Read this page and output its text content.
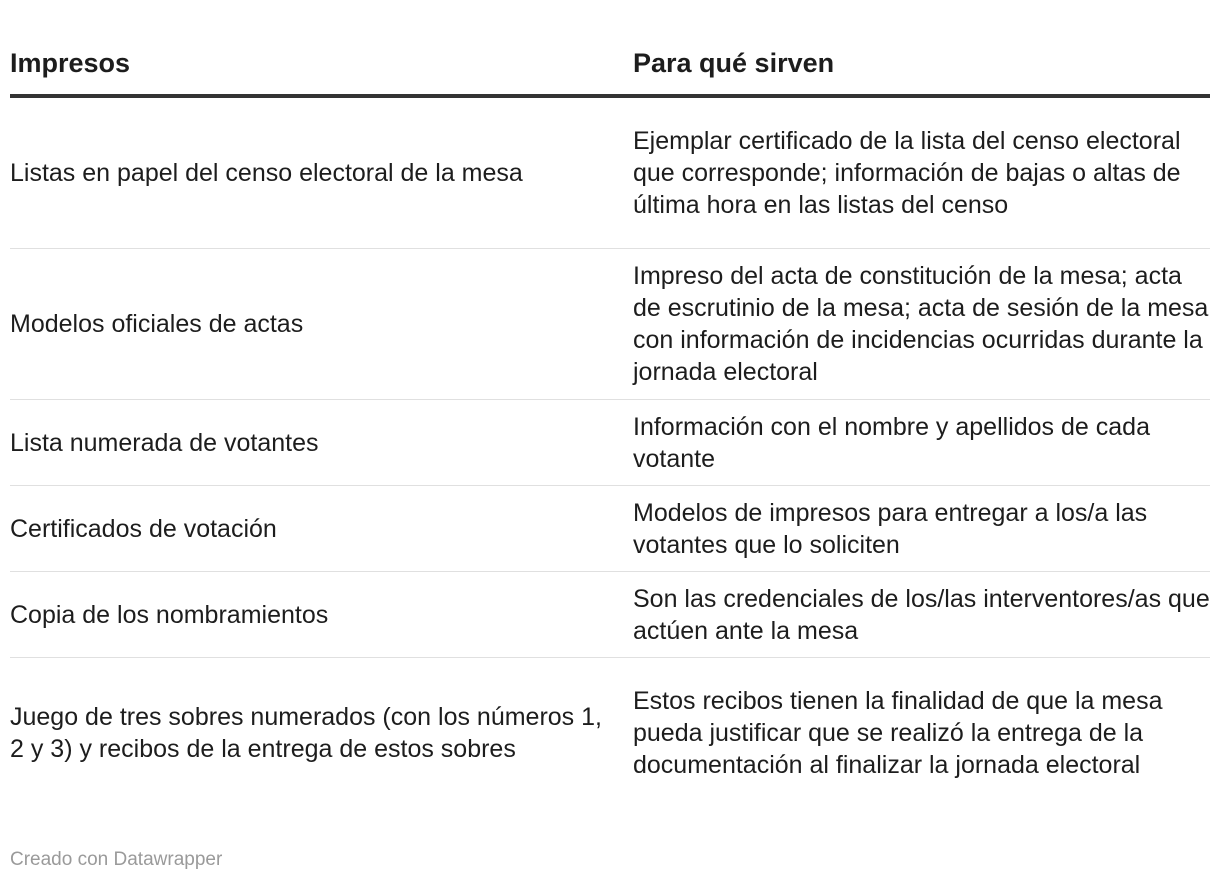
Impresos	Para qué sirven
Listas en papel del censo electoral de la mesa
Ejemplar certificado de la lista del censo electoral que corresponde; información de bajas o altas de última hora en las listas del censo
Modelos oficiales de actas
Impreso del acta de constitución de la mesa; acta de escrutinio de la mesa; acta de sesión de la mesa con información de incidencias ocurridas durante la jornada electoral
Lista numerada de votantes
Información con el nombre y apellidos de cada votante
Certificados de votación
Modelos de impresos para entregar a los/a las votantes que lo soliciten
Copia de los nombramientos
Son las credenciales de los/las interventores/as que actúen ante la mesa
Juego de tres sobres numerados (con los números 1, 2 y 3) y recibos de la entrega de estos sobres
Estos recibos tienen la finalidad de que la mesa pueda justificar que se realizó la entrega de la documentación al finalizar la jornada electoral
Creado con Datawrapper
